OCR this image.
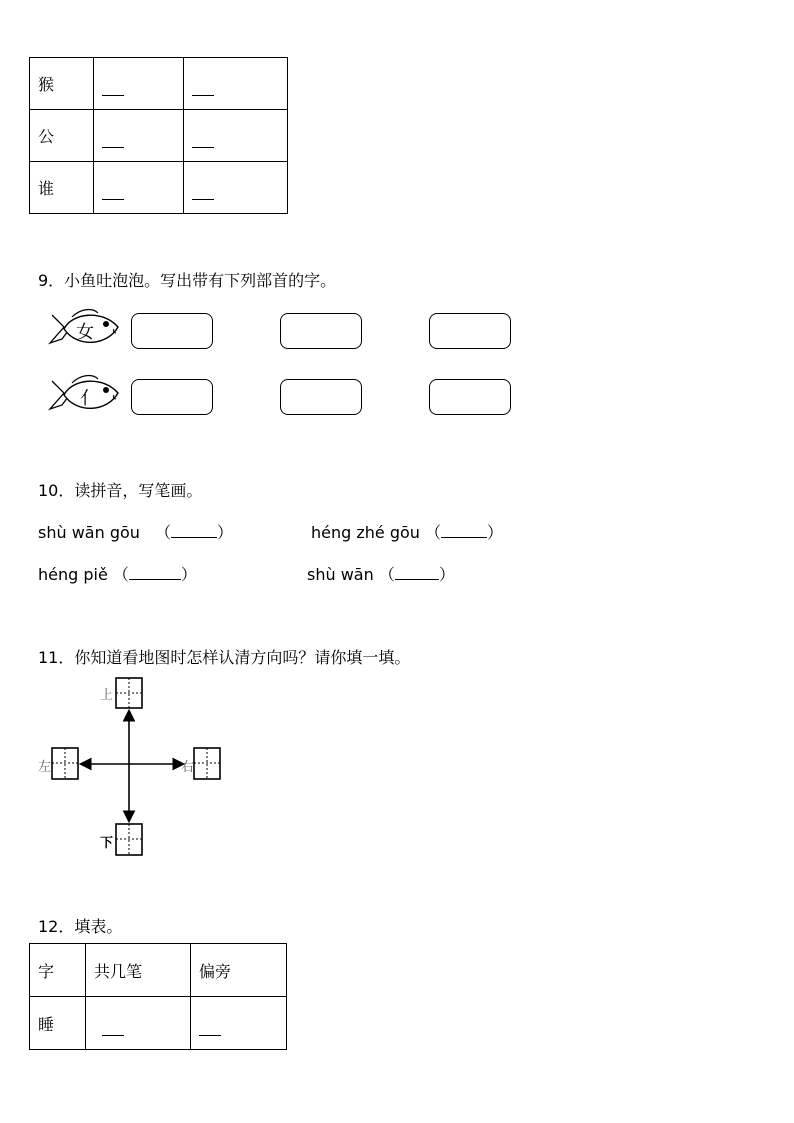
猴		
公		
谁		
9．小鱼吐泡泡。写出带有下列部首的字。
女
亻
10．读拼音，写笔画。
shù wān gōu （	）	héng zhé gōu （	）
héng piě （	）	shù wān （	）
11．你知道看地图时怎样认清方向吗？请你填一填。
上
下
左	右
12．填表。
字	共几笔	偏旁
睡		
